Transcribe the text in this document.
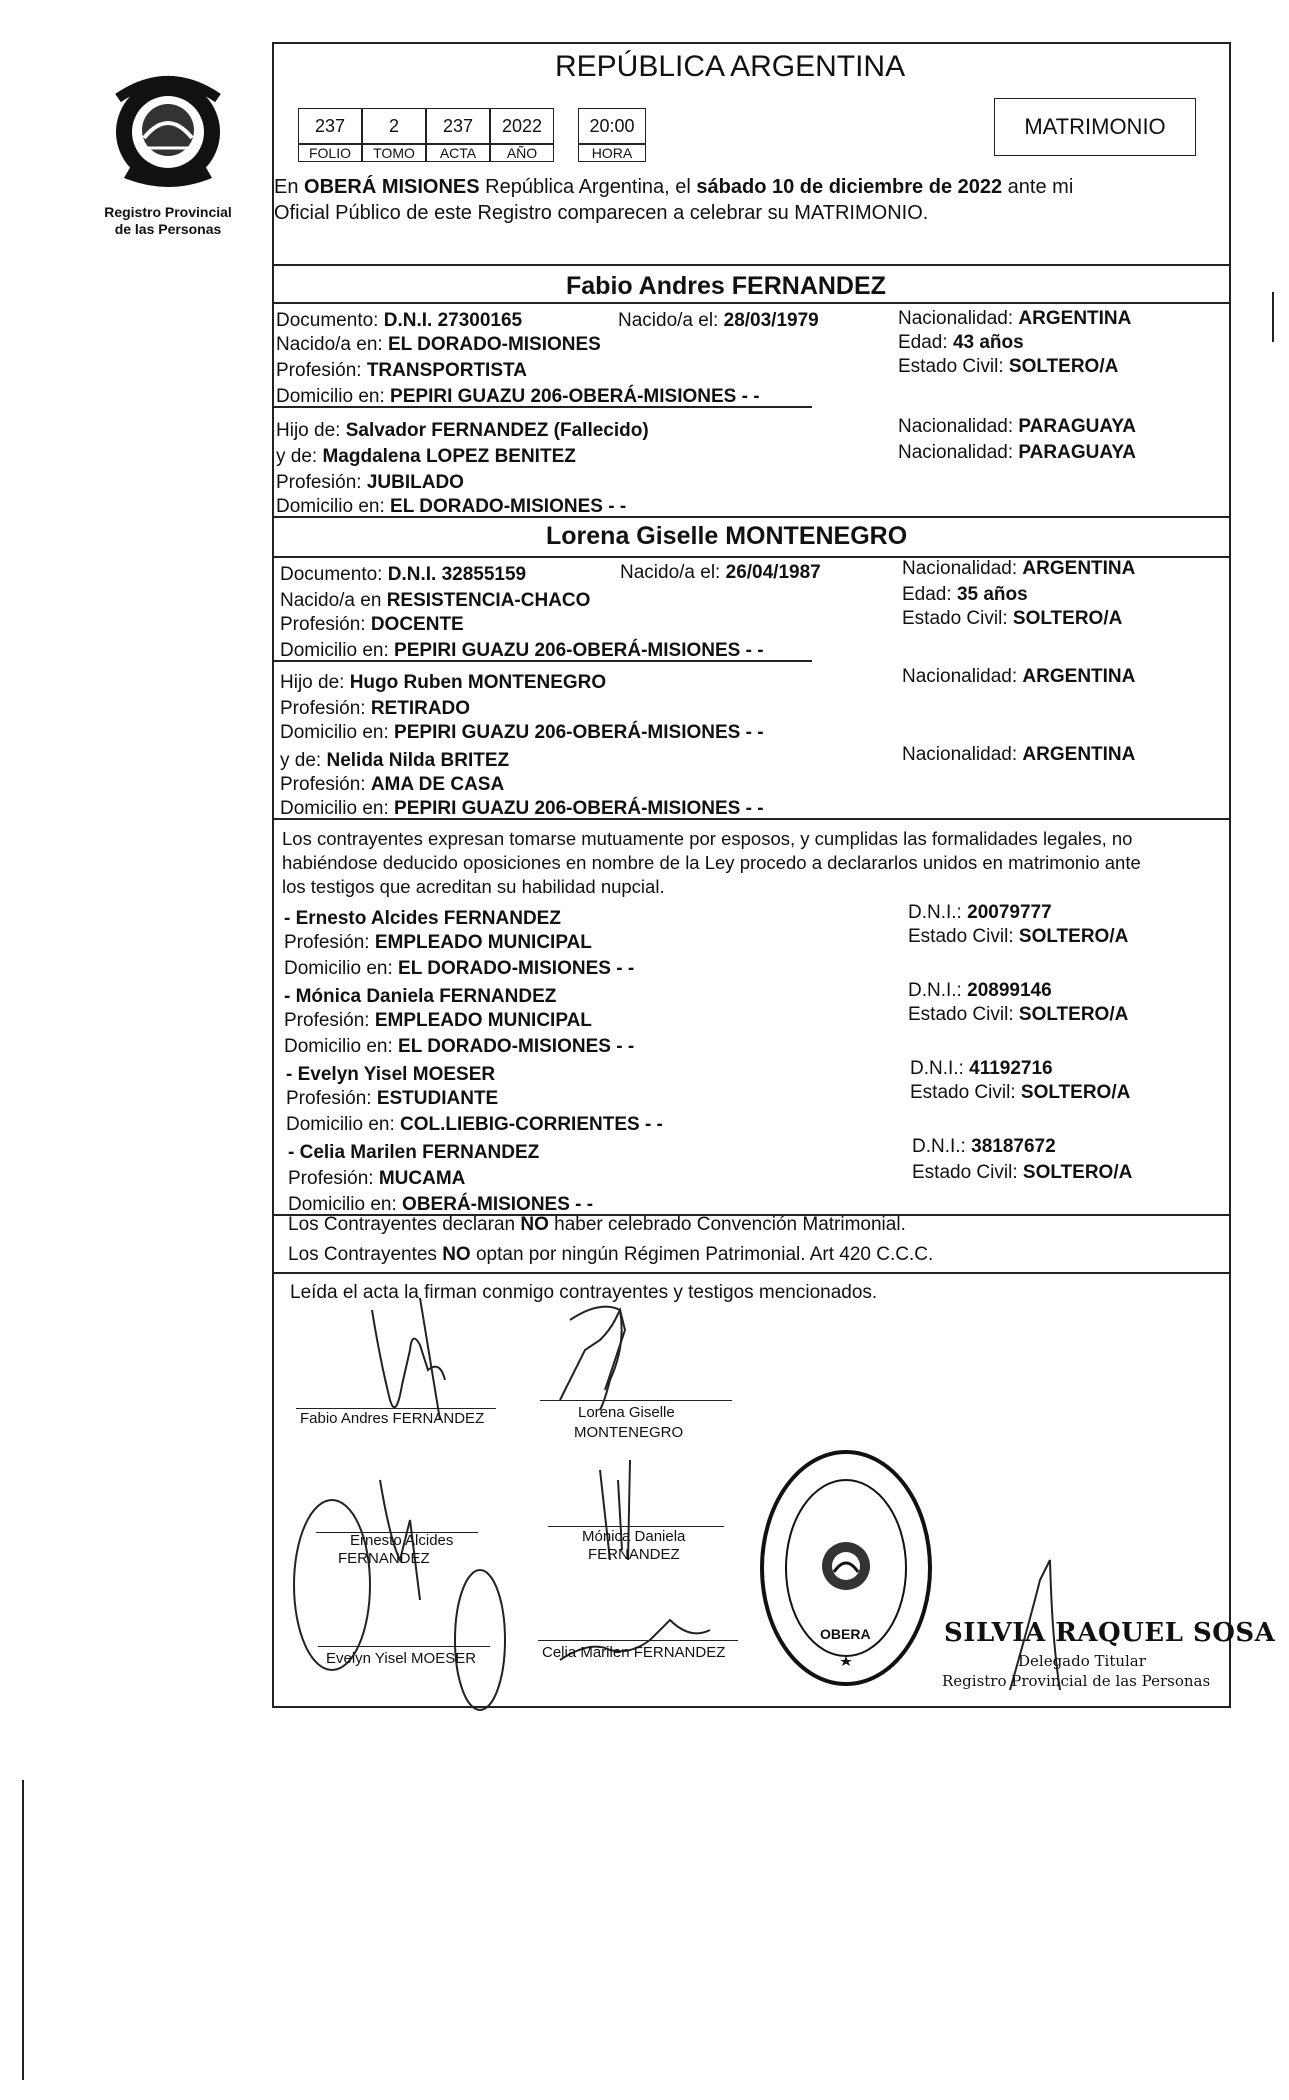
Registro Provincial
de las Personas
REPÚBLICA ARGENTINA
237
FOLIO
2
TOMO
237
ACTA
2022
AÑO
20:00
HORA
MATRIMONIO
En OBERÁ MISIONES República Argentina, el sábado 10 de diciembre de 2022 ante mi
Oficial Público de este Registro comparecen a celebrar su MATRIMONIO.
Fabio Andres FERNANDEZ
Documento: D.N.I. 27300165	Nacido/a el: 28/03/1979	Nacionalidad: ARGENTINA
Nacido/a en: EL DORADO-MISIONES	Edad: 43 años
Profesión: TRANSPORTISTA	Estado Civil: SOLTERO/A
Domicilio en: PEPIRI GUAZU 206-OBERÁ-MISIONES - -
Hijo de: Salvador FERNANDEZ (Fallecido)	Nacionalidad: PARAGUAYA
y de: Magdalena LOPEZ BENITEZ	Nacionalidad: PARAGUAYA
Profesión: JUBILADO
Domicilio en: EL DORADO-MISIONES - -
Lorena Giselle MONTENEGRO
Documento: D.N.I. 32855159	Nacido/a el: 26/04/1987	Nacionalidad: ARGENTINA
Nacido/a en RESISTENCIA-CHACO	Edad: 35 años
Profesión: DOCENTE	Estado Civil: SOLTERO/A
Domicilio en: PEPIRI GUAZU 206-OBERÁ-MISIONES - -
Hijo de: Hugo Ruben MONTENEGRO	Nacionalidad: ARGENTINA
Profesión: RETIRADO
Domicilio en: PEPIRI GUAZU 206-OBERÁ-MISIONES - -
y de: Nelida Nilda BRITEZ	Nacionalidad: ARGENTINA
Profesión: AMA DE CASA
Domicilio en: PEPIRI GUAZU 206-OBERÁ-MISIONES - -
Los contrayentes expresan tomarse mutuamente por esposos, y cumplidas las formalidades legales, no
habiéndose deducido oposiciones en nombre de la Ley procedo a declararlos unidos en matrimonio ante
los testigos que acreditan su habilidad nupcial.
- Ernesto Alcides FERNANDEZ
Profesión: EMPLEADO MUNICIPAL
Domicilio en: EL DORADO-MISIONES - -
D.N.I.: 20079777
Estado Civil: SOLTERO/A
- Mónica Daniela FERNANDEZ
Profesión: EMPLEADO MUNICIPAL
Domicilio en: EL DORADO-MISIONES - -
D.N.I.: 20899146
Estado Civil: SOLTERO/A
- Evelyn Yisel MOESER
Profesión: ESTUDIANTE
Domicilio en: COL.LIEBIG-CORRIENTES - -
D.N.I.: 41192716
Estado Civil: SOLTERO/A
- Celia Marilen FERNANDEZ
Profesión: MUCAMA
Domicilio en: OBERÁ-MISIONES - -
D.N.I.: 38187672
Estado Civil: SOLTERO/A
Los Contrayentes declaran NO haber celebrado Convención Matrimonial.
Los Contrayentes NO optan por ningún Régimen Patrimonial. Art 420 C.C.C.
Leída el acta la firman conmigo contrayentes y testigos mencionados.
Fabio Andres FERNANDEZ	Lorena Giselle
MONTENEGRO
Ernesto Alcides
FERNANDEZ
Mónica Daniela
FERNANDEZ
Evelyn Yisel MOESER	Celia Marilen FERNANDEZ
OBERA	SILVIA RAQUEL SOSA
Delegado Titular
Registro Provincial de las Personas
